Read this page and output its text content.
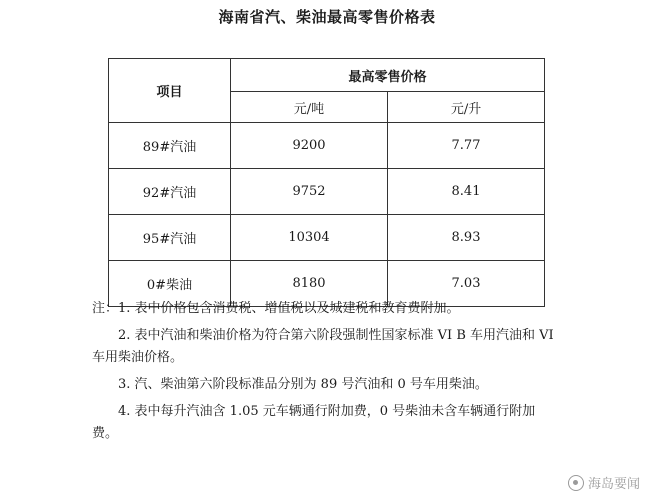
海南省汽、柴油最高零售价格表
项目	最高零售价格	
	元/吨	元/升
89#汽油	9200	7.77
92#汽油	9752	8.41
95#汽油	10304	8.93
0#柴油	8180	7.03

注：1. 表中价格包含消费税、增值税以及城建税和教育费附加。

2. 表中汽油和柴油价格为符合第六阶段强制性国家标准 VI B 车用汽油和 VI 车用柴油价格。

3. 汽、柴油第六阶段标准品分别为 89 号汽油和 0 号车用柴油。

4. 表中每升汽油含 1.05 元车辆通行附加费，0 号柴油未含车辆通行附加费。

海岛要闻
